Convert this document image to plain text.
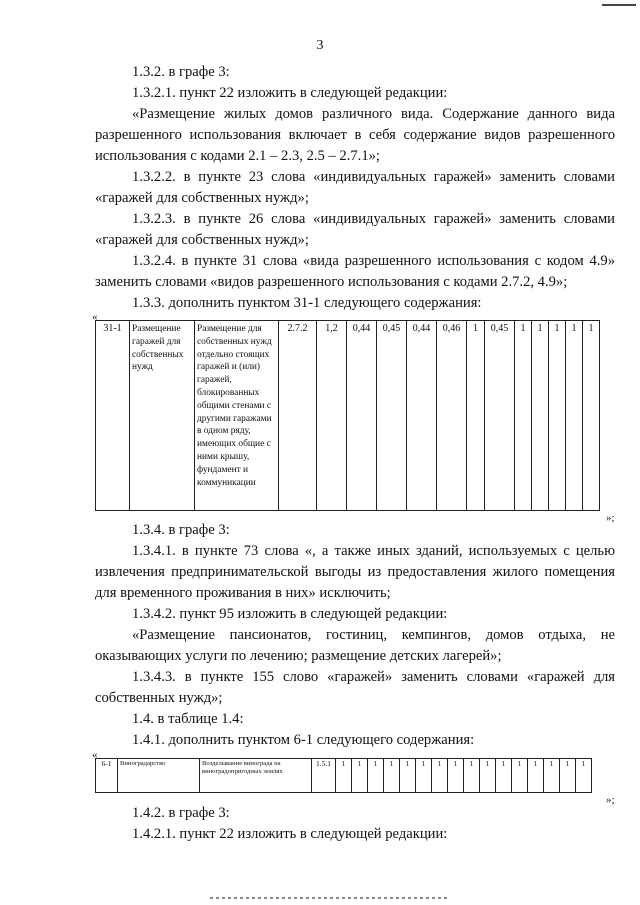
3
1.3.2. в графе 3:
1.3.2.1. пункт 22 изложить в следующей редакции:
«Размещение жилых домов различного вида. Содержание данного вида
разрешенного использования включает в себя содержание видов разрешенного
использования с кодами 2.1 – 2.3, 2.5 – 2.7.1»;
1.3.2.2. в пункте 23 слова «индивидуальных гаражей» заменить словами
«гаражей для собственных нужд»;
1.3.2.3. в пункте 26 слова «индивидуальных гаражей» заменить словами
«гаражей для собственных нужд»;
1.3.2.4. в пункте 31 слова «вида разрешенного использования с кодом 4.9»
заменить словами «видов разрешенного использования с кодами 2.7.2, 4.9»;
1.3.3. дополнить пунктом 31-1 следующего содержания:
«
31-1	Размещение гаражей для собственных нужд	Размещение для собственных нужд отдельно стоящих гаражей и (или) гаражей, блокированных общими стенами с другими гаражами в одном ряду, имеющих общие с ними крышу, фундамент и коммуникации	2.7.2	1,2	0,44	0,45	0,44	0,46	1	0,45	1	1	1	1	1
»;
1.3.4. в графе 3:
1.3.4.1. в пункте 73 слова «, а также иных зданий, используемых с целью
извлечения предпринимательской выгоды из предоставления жилого помещения
для временного проживания в них» исключить;
1.3.4.2. пункт 95 изложить в следующей редакции:
«Размещение пансионатов, гостиниц, кемпингов, домов отдыха, не
оказывающих услуги по лечению; размещение детских лагерей»;
1.3.4.3. в пункте 155 слово «гаражей» заменить словами «гаражей для
собственных нужд»;
1.4. в таблице 1.4:
1.4.1. дополнить пунктом 6-1 следующего содержания:
«
6-1	Виноградарство	Возделывание винограда на виноградопригодных землях	1.5.1	1	1	1	1	1	1	1	1	1	1	1	1	1	1	1	1
»;
1.4.2. в графе 3:
1.4.2.1. пункт 22 изложить в следующей редакции:
